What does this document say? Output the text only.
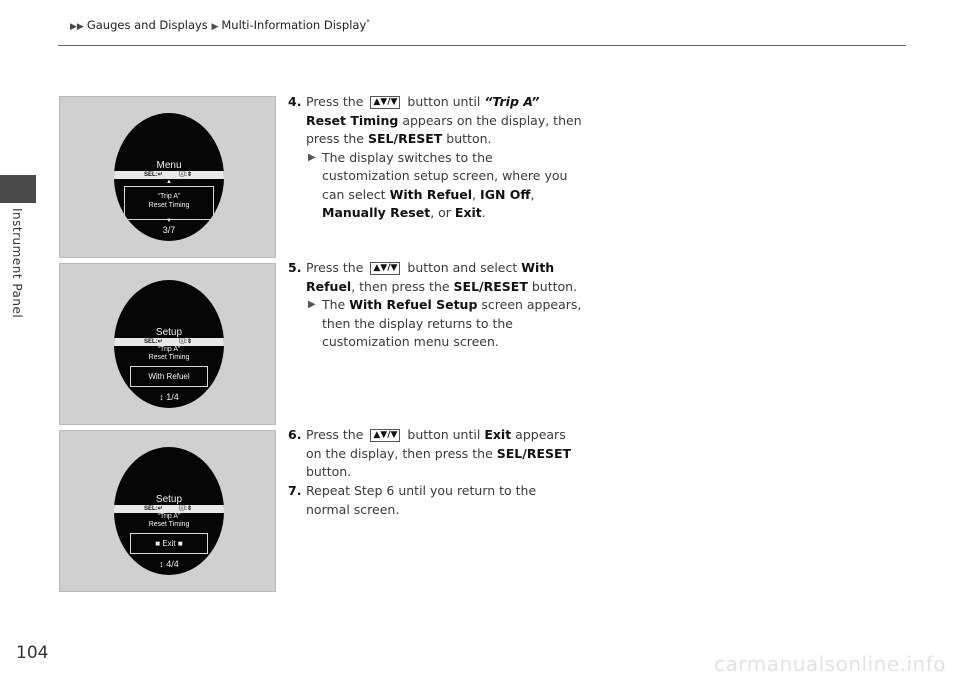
▶▶ Gauges and Displays ▶ Multi-Information Display*
Instrument Panel
Menu
SEL:↵	ⓘ:⇕
▲
“Trip A”
Reset Timing
▼
3/7
Setup
SEL:↵	ⓘ:⇕
“Trip A”
Reset Timing
With Refuel
↕ 1/4
Setup
SEL:↵	ⓘ:⇕
“Trip A”
Reset Timing
■ Exit ■
↕ 4/4
4. Press the ▲▼/▼ button until “Trip A”
Reset Timing appears on the display, then
press the SEL/RESET button.
▶ The display switches to the
customization setup screen, where you
can select With Refuel, IGN Off,
Manually Reset, or Exit.
5. Press the ▲▼/▼ button and select With
Refuel, then press the SEL/RESET button.
▶ The With Refuel Setup screen appears,
then the display returns to the
customization menu screen.
6. Press the ▲▼/▼ button until Exit appears
on the display, then press the SEL/RESET
button.
7. Repeat Step 6 until you return to the
normal screen.
104	carmanualsonline.info
